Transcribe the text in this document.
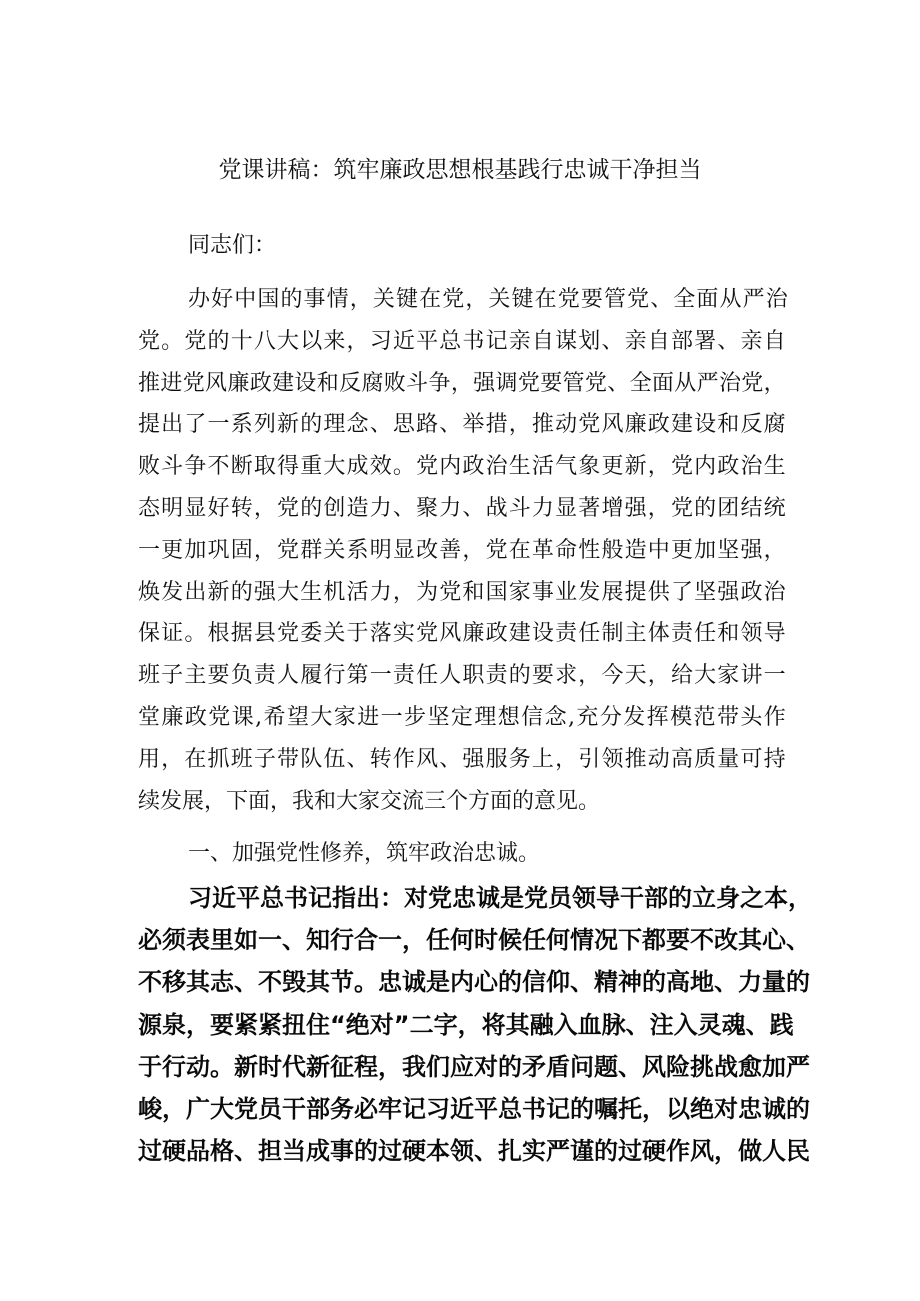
党课讲稿：筑牢廉政思想根基践行忠诚干净担当
同志们：
办 好 中 国 的 事 情 ， 关 键 在 党 ， 关 键 在 党 要 管 党 、 全 面 从 严 治
党 。 党 的 十 八 大 以 来 ， 习 近 平 总 书 记 亲 自 谋 划 、 亲 自 部 署 、 亲 自
推 进 党 风 廉 政 建 设 和 反 腐 败 斗 争 ， 强 调 党 要 管 党 、 全 面 从 严 治 党 ，
提 出 了 一 系 列 新 的 理 念 、 思 路 、 举 措 ， 推 动 党 风 廉 政 建 设 和 反 腐
败 斗 争 不 断 取 得 重 大 成 效 。 党 内 政 治 生 活 气 象 更 新 ， 党 内 政 治 生
态 明 显 好 转 ， 党 的 创 造 力 、 聚 力 、 战 斗 力 显 著 增 强 ， 党 的 团 结 统
一 更 加 巩 固 ， 党 群 关 系 明 显 改 善 ， 党 在 革 命 性 般 造 中 更 加 坚 强 ，
焕 发 出 新 的 强 大 生 机 活 力 ， 为 党 和 国 家 事 业 发 展 提 供 了 坚 强 政 治
保 证 。 根 据 县 党 委 关 于 落 实 党 风 廉 政 建 设 责 任 制 主 体 责 任 和 领 导
班 子 主 要 负 责 人 履 行 第 一 责 任 人 职 责 的 要 求 ， 今 天 ， 给 大 家 讲 一
堂 廉 政 党 课 , 希 望 大 家 进 一 步 坚 定 理 想 信 念 , 充 分 发 挥 模 范 带 头 作
用 ， 在 抓 班 子 带 队 伍 、 转 作 风 、 强 服 务 上 ， 引 领 推 动 高 质 量 可 持
续发展，下面，我和大家交流三个方面的意见。
一、加强党性修养，筑牢政治忠诚。
习 近 平 总 书 记 指 出 ： 对 党 忠 诚 是 党 员 领 导 干 部 的 立 身 之 本 ，
必 须 表 里 如 一 、 知 行 合 一 ， 任 何 时 候 任 何 情 况 下 都 要 不 改 其 心 、
不 移 其 志 、 不 毁 其 节 。 忠 诚 是 内 心 的 信 仰 、 精 神 的 高 地 、 力 量 的
源 泉 ， 要 紧 紧 扭 住 “ 绝 对 ” 二 字 ， 将 其 融 入 血 脉 、 注 入 灵 魂 、 践
于 行 动 。 新 时 代 新 征 程 ， 我 们 应 对 的 矛 盾 问 题 、 风 险 挑 战 愈 加 严
峻 ， 广 大 党 员 干 部 务 必 牢 记 习 近 平 总 书 记 的 嘱 托 ， 以 绝 对 忠 诚 的
过 硬 品 格 、 担 当 成 事 的 过 硬 本 领 、 扎 实 严 谨 的 过 硬 作 风 ， 做 人 民
